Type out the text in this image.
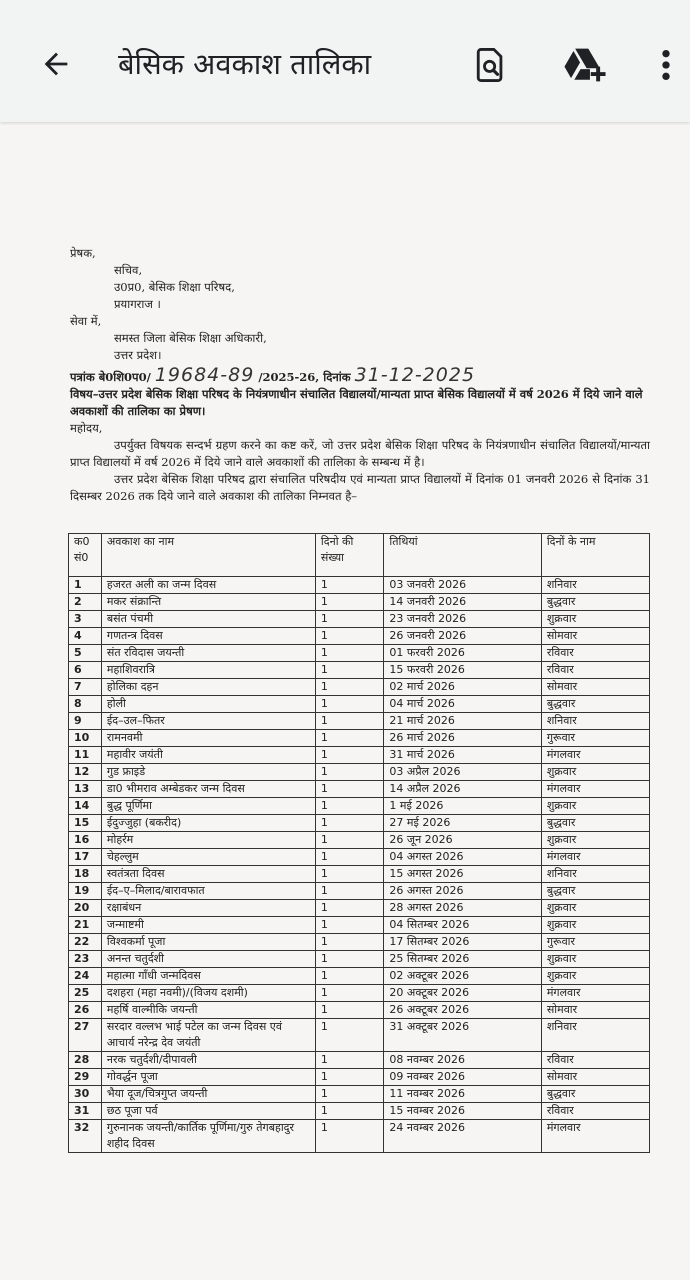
बेसिक अवकाश तालिका

प्रेषक,

सचिव,

उ0प्र0, बेसिक शिक्षा परिषद,

प्रयागराज ।

सेवा में,

समस्त जिला बेसिक शिक्षा अधिकारी,

उत्तर प्रदेश।

पत्रांक बे0शि0प0/ 19684-89 /2025-26, दिनांक 31-12-2025

विषय–उत्तर प्रदेश बेसिक शिक्षा परिषद के नियंत्रणाधीन संचालित विद्यालयों/मान्यता प्राप्त बेसिक विद्यालयों में वर्ष 2026 में दिये जाने वाले अवकाशों की तालिका का प्रेषण।

महोदय,

उपर्युक्त विषयक सन्दर्भ ग्रहण करने का कष्ट करें, जो उत्तर प्रदेश बेसिक शिक्षा परिषद के नियंत्रणाधीन संचालित विद्यालयों/मान्यता प्राप्त विद्यालयों में वर्ष 2026 में दिये जाने वाले अवकाशों की तालिका के सम्बन्ध में है।

उत्तर प्रदेश बेसिक शिक्षा परिषद द्वारा संचालित परिषदीय एवं मान्यता प्राप्त विद्यालयों में दिनांक 01 जनवरी 2026 से दिनांक 31 दिसम्बर 2026 तक दिये जाने वाले अवकाश की तालिका निम्नवत है–

क0 सं0	अवकाश का नाम	दिनो की संख्या	तिथियां	दिनों के नाम
1	हजरत अली का जन्म दिवस	1	03 जनवरी 2026	शनिवार
2	मकर संक्रान्ति	1	14 जनवरी 2026	बुद्धवार
3	बसंत पंचमी	1	23 जनवरी 2026	शुक्रवार
4	गणतन्त्र दिवस	1	26 जनवरी 2026	सोमवार
5	संत रविदास जयन्ती	1	01 फरवरी 2026	रविवार
6	महाशिवरात्रि	1	15 फरवरी 2026	रविवार
7	होलिका दहन	1	02 मार्च 2026	सोमवार
8	होली	1	04 मार्च 2026	बुद्धवार
9	ईद–उल–फितर	1	21 मार्च 2026	शनिवार
10	रामनवमी	1	26 मार्च 2026	गुरूवार
11	महावीर जयंती	1	31 मार्च 2026	मंगलवार
12	गुड फ्राइडे	1	03 अप्रैल 2026	शुक्रवार
13	डा0 भीमराव अम्बेडकर जन्म दिवस	1	14 अप्रैल 2026	मंगलवार
14	बुद्ध पूर्णिमा	1	1 मई 2026	शुक्रवार
15	ईदुज्जुहा (बकरीद)	1	27 मई 2026	बुद्धवार
16	मोहर्रम	1	26 जून 2026	शुक्रवार
17	चेहल्लुम	1	04 अगस्त 2026	मंगलवार
18	स्वतंत्रता दिवस	1	15 अगस्त 2026	शनिवार
19	ईद–ए–मिलाद/बारावफात	1	26 अगस्त 2026	बुद्धवार
20	रक्षाबंधन	1	28 अगस्त 2026	शुक्रवार
21	जन्माष्टमी	1	04 सितम्बर 2026	शुक्रवार
22	विश्वकर्मा पूजा	1	17 सितम्बर 2026	गुरूवार
23	अनन्त चतुर्दशी	1	25 सितम्बर 2026	शुक्रवार
24	महात्मा गाँधी जन्मदिवस	1	02 अक्टूबर 2026	शुक्रवार
25	दशहरा (महा नवमी)/(विजय दशमी)	1	20 अक्टूबर 2026	मंगलवार
26	महर्षि वाल्मीकि जयन्ती	1	26 अक्टूबर 2026	सोमवार
27	सरदार वल्लभ भाई पटेल का जन्म दिवस एवं आचार्य नरेन्द्र देव जयंती	1	31 अक्टूबर 2026	शनिवार
28	नरक चतुर्दशी/दीपावली	1	08 नवम्बर 2026	रविवार
29	गोवर्द्धन पूजा	1	09 नवम्बर 2026	सोमवार
30	भैया दूज/चित्रगुप्त जयन्ती	1	11 नवम्बर 2026	बुद्धवार
31	छठ पूजा पर्व	1	15 नवम्बर 2026	रविवार
32	गुरुनानक जयन्ती/कार्तिक पूर्णिमा/गुरु तेगबहादुर शहीद दिवस	1	24 नवम्बर 2026	मंगलवार
